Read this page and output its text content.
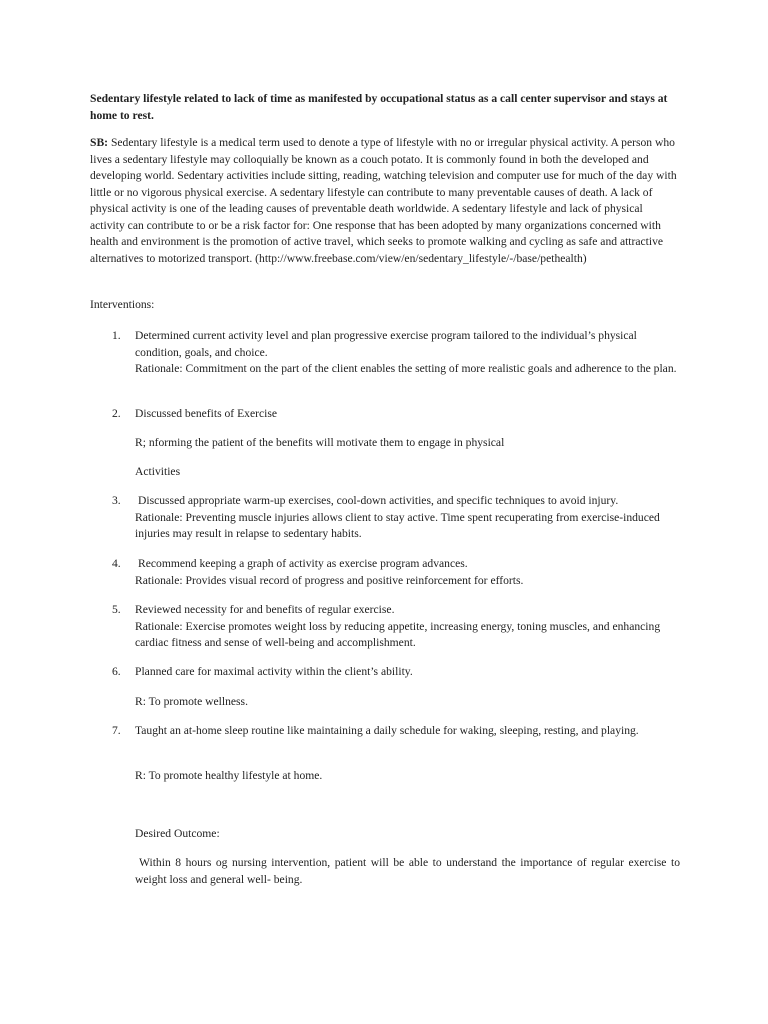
Sedentary lifestyle related to lack of time as manifested by occupational status as a call center supervisor and stays at home to rest.
SB: Sedentary lifestyle is a medical term used to denote a type of lifestyle with no or irregular physical activity. A person who lives a sedentary lifestyle may colloquially be known as a couch potato. It is commonly found in both the developed and developing world. Sedentary activities include sitting, reading, watching television and computer use for much of the day with little or no vigorous physical exercise. A sedentary lifestyle can contribute to many preventable causes of death. A lack of physical activity is one of the leading causes of preventable death worldwide. A sedentary lifestyle and lack of physical activity can contribute to or be a risk factor for: One response that has been adopted by many organizations concerned with health and environment is the promotion of active travel, which seeks to promote walking and cycling as safe and attractive alternatives to motorized transport. (http://www.freebase.com/view/en/sedentary_lifestyle/-/base/pethealth)
Interventions:
1.	Determined current activity level and plan progressive exercise program tailored to the individual’s physical condition, goals, and choice.

Rationale: Commitment on the part of the client enables the setting of more realistic goals and adherence to the plan.

2.	Discussed benefits of Exercise

R; nforming the patient of the benefits will motivate them to engage in physical

Activities

3.	Discussed appropriate warm-up exercises, cool-down activities, and specific techniques to avoid injury.

Rationale: Preventing muscle injuries allows client to stay active. Time spent recuperating from exercise-induced injuries may result in relapse to sedentary habits.

4.	Recommend keeping a graph of activity as exercise program advances.

Rationale: Provides visual record of progress and positive reinforcement for efforts.

5.	Reviewed necessity for and benefits of regular exercise.

Rationale: Exercise promotes weight loss by reducing appetite, increasing energy, toning muscles, and enhancing cardiac fitness and sense of well-being and accomplishment.

6.	Planned care for maximal activity within the client’s ability.

R: To promote wellness.

7.	Taught an at-home sleep routine like maintaining a daily schedule for waking, sleeping, resting, and playing.

R: To promote healthy lifestyle at home.

Desired Outcome:

Within 8 hours og nursing intervention, patient will be able to understand the importance of regular exercise to weight loss and general well- being.
